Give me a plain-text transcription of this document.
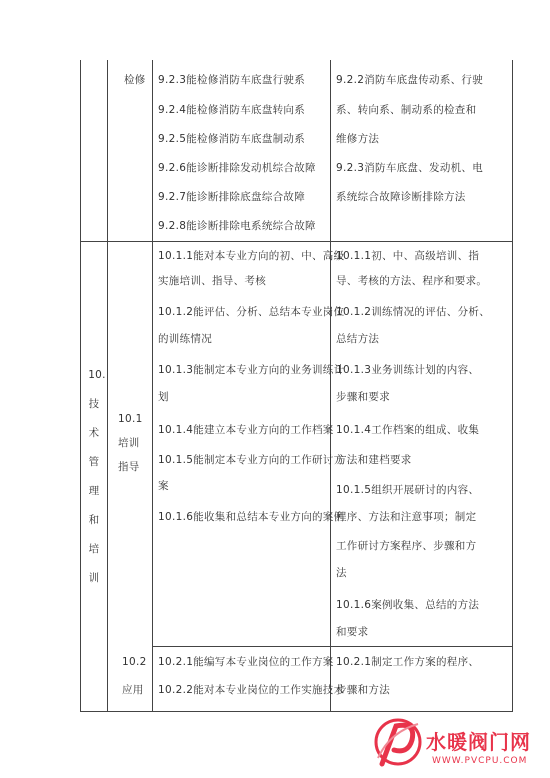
检修 9.2.3能检修消防车底盘行驶系
9.2.4能检修消防车底盘转向系
9.2.5能检修消防车底盘制动系
9.2.6能诊断排除发动机综合故障
9.2.7能诊断排除底盘综合故障
9.2.8能诊断排除电系统综合故障
9.2.2消防车底盘传动系、行驶
系、转向系、制动系的检查和
维修方法
9.2.3消防车底盘、发动机、电
系统综合故障诊断排除方法
10.
技
术
管
理
和
培
训
10.1
培训
指导
10.1.1能对本专业方向的初、中、高级
实施培训、指导、考核
10.1.2能评估、分析、总结本专业岗位
的训练情况
10.1.3能制定本专业方向的业务训练计
划
10.1.4能建立本专业方向的工作档案
10.1.5能制定本专业方向的工作研讨方
案
10.1.6能收集和总结本专业方向的案例
10.1.1初、中、高级培训、指
导、考核的方法、程序和要求。
10.1.2训练情况的评估、分析、
总结方法
10.1.3业务训练计划的内容、
步骤和要求
10.1.4工作档案的组成、收集
方法和建档要求
10.1.5组织开展研讨的内容、
程序、方法和注意事项；制定
工作研讨方案程序、步骤和方
法
10.1.6案例收集、总结的方法
和要求
10.2
应用
10.2.1能编写本专业岗位的工作方案
10.2.2能对本专业岗位的工作实施技术
10.2.1制定工作方案的程序、
步骤和方法
水暖阀门网
WWW.PVCPU.COM
